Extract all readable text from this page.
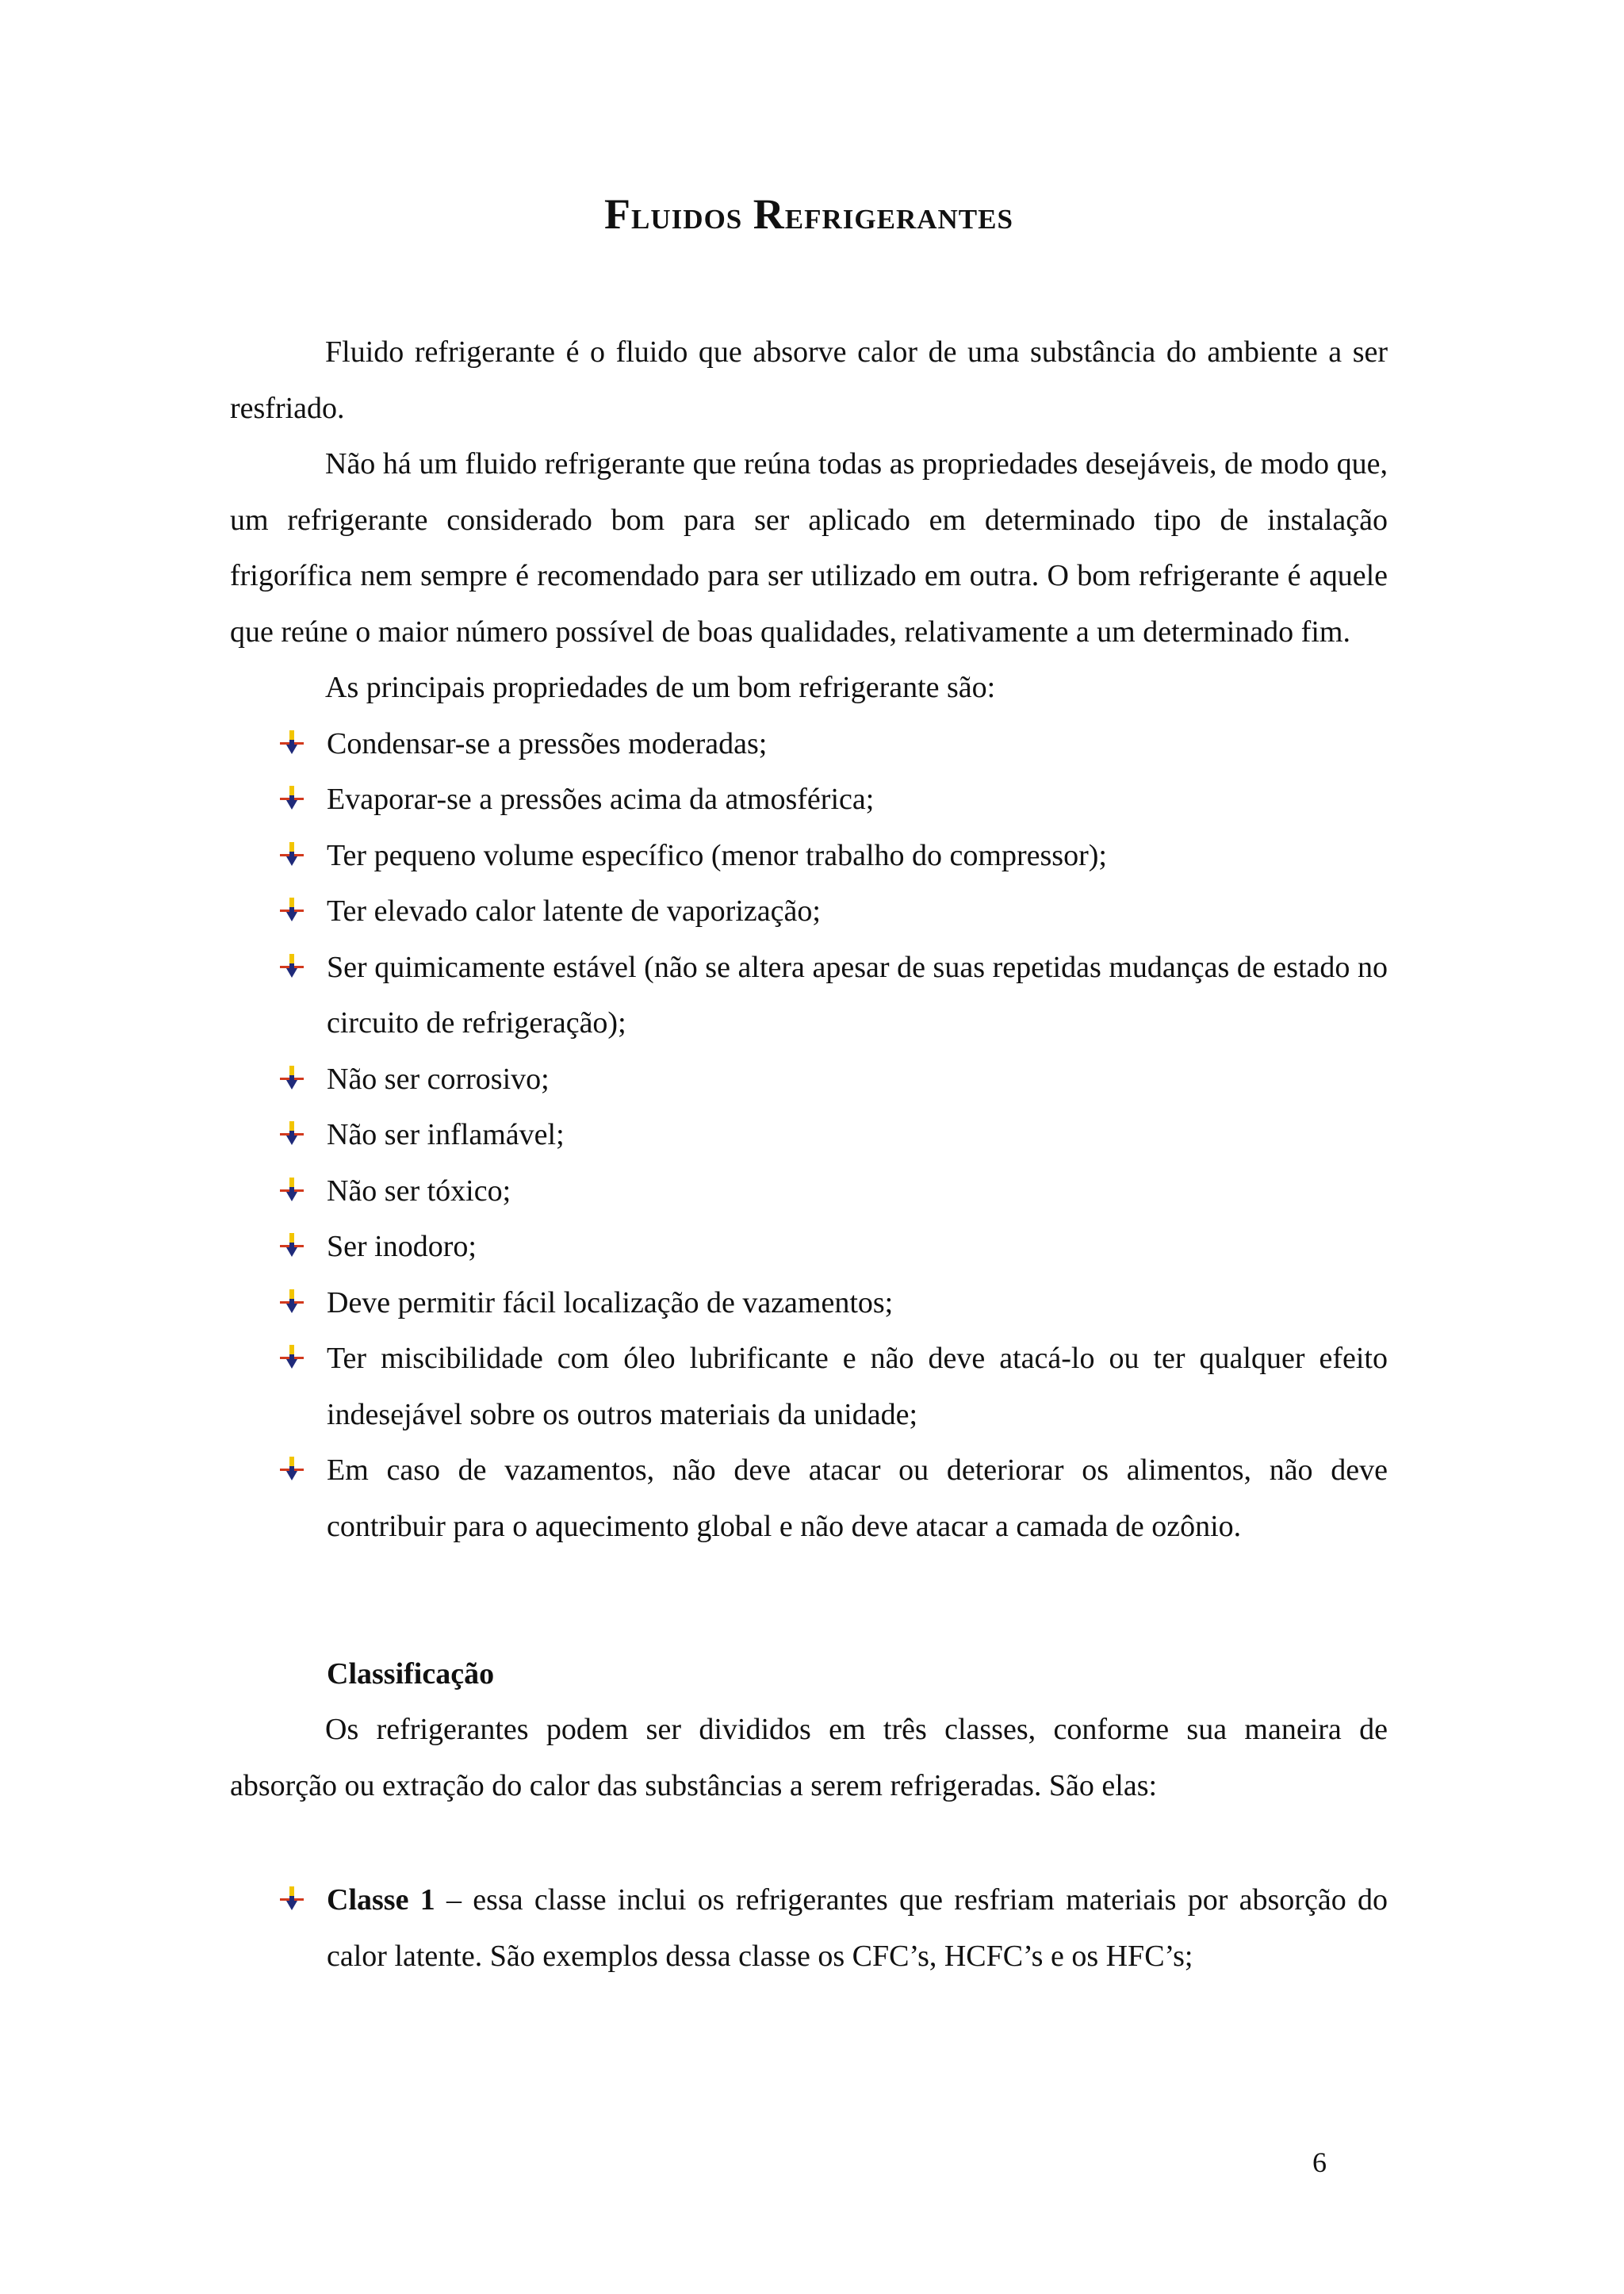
Fluidos Refrigerantes

Fluido refrigerante é o fluido que absorve calor de uma substância do ambiente a ser resfriado.

Não há um fluido refrigerante que reúna todas as propriedades desejáveis, de modo que, um refrigerante considerado bom para ser aplicado em determinado tipo de instalação frigorífica nem sempre é recomendado para ser utilizado em outra. O bom refrigerante é aquele que reúne o maior número possível de boas qualidades, relativamente a um determinado fim.

As principais propriedades de um bom refrigerante são:

Condensar-se a pressões moderadas;
Evaporar-se a pressões acima da atmosférica;
Ter pequeno volume específico (menor trabalho do compressor);
Ter elevado calor latente de vaporização;
Ser quimicamente estável (não se altera apesar de suas repetidas mudanças de estado no circuito de refrigeração);
Não ser corrosivo;
Não ser inflamável;
Não ser tóxico;
Ser inodoro;
Deve permitir fácil localização de vazamentos;
Ter miscibilidade com óleo lubrificante e não deve atacá-lo ou ter qualquer efeito indesejável sobre os outros materiais da unidade;
Em caso de vazamentos, não deve atacar ou deteriorar os alimentos, não deve contribuir para o aquecimento global e não deve atacar a camada de ozônio.

Classificação

Os refrigerantes podem ser divididos em três classes, conforme sua maneira de absorção ou extração do calor das substâncias a serem refrigeradas. São elas:

Classe 1 – essa classe inclui os refrigerantes que resfriam materiais por absorção do calor latente. São exemplos dessa classe os CFC’s, HCFC’s e os HFC’s;
6
